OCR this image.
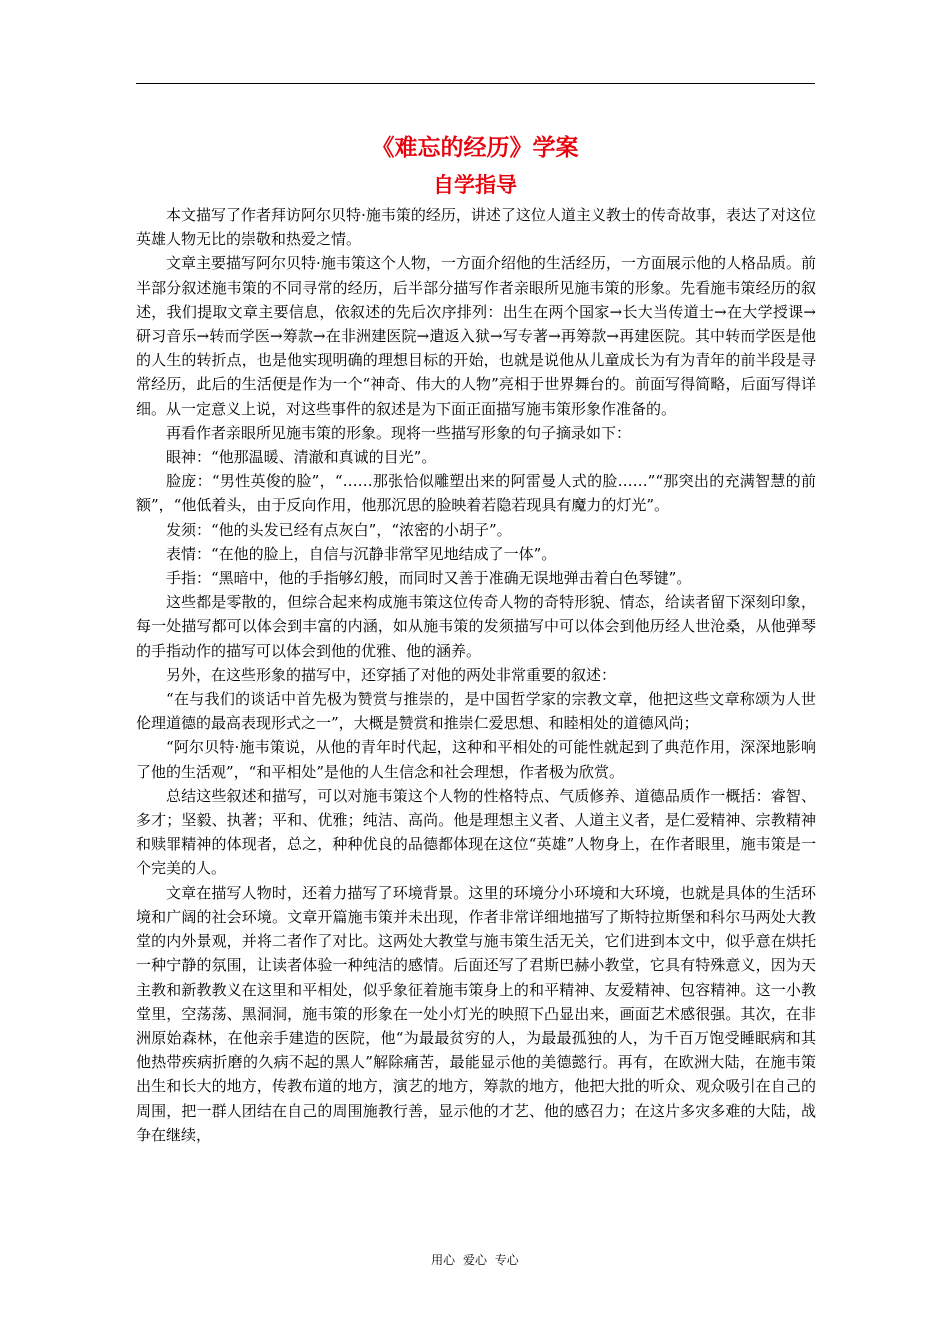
《难忘的经历》学案
自学指导

本文描写了作者拜访阿尔贝特·施韦策的经历，讲述了这位人道主义教士的传奇故事，表达了对这位英雄人物无比的崇敬和热爱之情。

文章主要描写阿尔贝特·施韦策这个人物，一方面介绍他的生活经历，一方面展示他的人格品质。前半部分叙述施韦策的不同寻常的经历，后半部分描写作者亲眼所见施韦策的形象。先看施韦策经历的叙述，我们提取文章主要信息，依叙述的先后次序排列：出生在两个国家→长大当传道士→在大学授课→研习音乐→转而学医→筹款→在非洲建医院→遣返入狱→写专著→再筹款→再建医院。其中转而学医是他的人生的转折点，也是他实现明确的理想目标的开始，也就是说他从儿童成长为有为青年的前半段是寻常经历，此后的生活便是作为一个“神奇、伟大的人物”亮相于世界舞台的。前面写得简略，后面写得详细。从一定意义上说，对这些事件的叙述是为下面正面描写施韦策形象作准备的。

再看作者亲眼所见施韦策的形象。现将一些描写形象的句子摘录如下：

眼神：“他那温暖、清澈和真诚的目光”。

脸庞：“男性英俊的脸”，“……那张恰似雕塑出来的阿雷曼人式的脸……”“那突出的充满智慧的前额”，“他低着头，由于反向作用，他那沉思的脸映着若隐若现具有魔力的灯光”。

发须：“他的头发已经有点灰白”，“浓密的小胡子”。

表情：“在他的脸上，自信与沉静非常罕见地结成了一体”。

手指：“黑暗中，他的手指够幻般，而同时又善于准确无误地弹击着白色琴键”。

这些都是零散的，但综合起来构成施韦策这位传奇人物的奇特形貌、情态，给读者留下深刻印象，每一处描写都可以体会到丰富的内涵，如从施韦策的发须描写中可以体会到他历经人世沧桑，从他弹琴的手指动作的描写可以体会到他的优雅、他的涵养。

另外，在这些形象的描写中，还穿插了对他的两处非常重要的叙述：

“在与我们的谈话中首先极为赞赏与推崇的，是中国哲学家的宗教文章，他把这些文章称颂为人世伦理道德的最高表现形式之一”，大概是赞赏和推崇仁爱思想、和睦相处的道德风尚；

“阿尔贝特·施韦策说，从他的青年时代起，这种和平相处的可能性就起到了典范作用，深深地影响了他的生活观”，“和平相处”是他的人生信念和社会理想，作者极为欣赏。

总结这些叙述和描写，可以对施韦策这个人物的性格特点、气质修养、道德品质作一概括：睿智、多才；坚毅、执著；平和、优雅；纯洁、高尚。他是理想主义者、人道主义者，是仁爱精神、宗教精神和赎罪精神的体现者，总之，种种优良的品德都体现在这位“英雄”人物身上，在作者眼里，施韦策是一个完美的人。

文章在描写人物时，还着力描写了环境背景。这里的环境分小环境和大环境，也就是具体的生活环境和广阔的社会环境。文章开篇施韦策并未出现，作者非常详细地描写了斯特拉斯堡和科尔马两处大教堂的内外景观，并将二者作了对比。这两处大教堂与施韦策生活无关，它们进到本文中，似乎意在烘托一种宁静的氛围，让读者体验一种纯洁的感情。后面还写了君斯巴赫小教堂，它具有特殊意义，因为天主教和新教教义在这里和平相处，似乎象征着施韦策身上的和平精神、友爱精神、包容精神。这一小教堂里，空荡荡、黑洞洞，施韦策的形象在一处小灯光的映照下凸显出来，画面艺术感很强。其次，在非洲原始森林，在他亲手建造的医院，他“为最最贫穷的人，为最最孤独的人，为千百万饱受睡眠病和其他热带疾病折磨的久病不起的黑人”解除痛苦，最能显示他的美德懿行。再有，在欧洲大陆，在施韦策出生和长大的地方，传教布道的地方，演艺的地方，筹款的地方，他把大批的听众、观众吸引在自己的周围，把一群人团结在自己的周围施教行善，显示他的才艺、他的感召力；在这片多灾多难的大陆，战争在继续，

用心 爱心 专心
